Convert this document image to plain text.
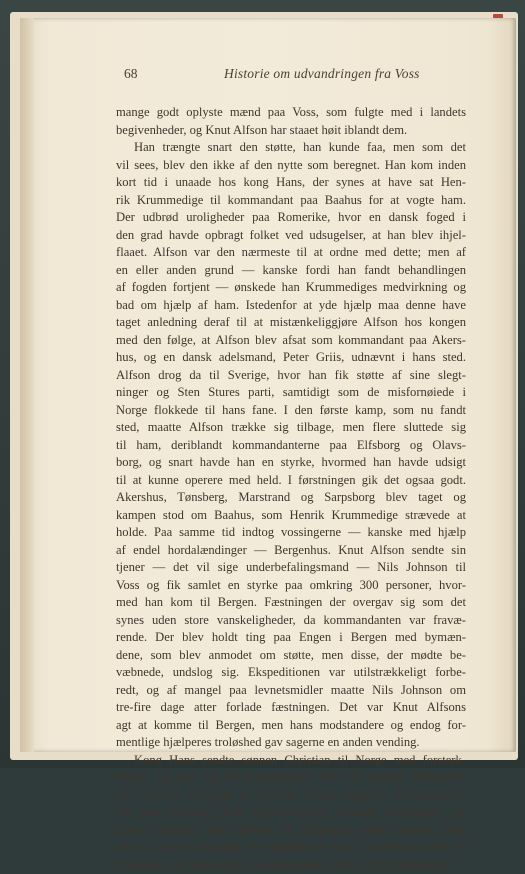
68	Historie om udvandringen fra Voss
mange godt oplyste mænd paa Voss, som fulgte med i landets
begivenheder, og Knut Alfson har staaet høit iblandt dem.
Han trængte snart den støtte, han kunde faa, men som det
vil sees, blev den ikke af den nytte som beregnet. Han kom inden
kort tid i unaade hos kong Hans, der synes at have sat Hen-
rik Krummedige til kommandant paa Baahus for at vogte ham.
Der udbrød uroligheder paa Romerike, hvor en dansk foged i
den grad havde opbragt folket ved udsugelser, at han blev ihjel-
flaaet. Alfson var den nærmeste til at ordne med dette; men af
en eller anden grund — kanske fordi han fandt behandlingen
af fogden fortjent — ønskede han Krummediges medvirkning og
bad om hjælp af ham. Istedenfor at yde hjælp maa denne have
taget anledning deraf til at mistænkeliggjøre Alfson hos kongen
med den følge, at Alfson blev afsat som kommandant paa Akers-
hus, og en dansk adelsmand, Peter Griis, udnævnt i hans sted.
Alfson drog da til Sverige, hvor han fik støtte af sine slegt-
ninger og Sten Stures parti, samtidigt som de misfornøiede i
Norge flokkede til hans fane. I den første kamp, som nu fandt
sted, maatte Alfson trække sig tilbage, men flere sluttede sig
til ham, deriblandt kommandanterne paa Elfsborg og Olavs-
borg, og snart havde han en styrke, hvormed han havde udsigt
til at kunne operere med held. I førstningen gik det ogsaa godt.
Akershus, Tønsberg, Marstrand og Sarpsborg blev taget og
kampen stod om Baahus, som Henrik Krummedige strævede at
holde. Paa samme tid indtog vossingerne — kanske med hjælp
af endel hordalændinger — Bergenhus. Knut Alfson sendte sin
tjener — det vil sige underbefalingsmand — Nils Johnson til
Voss og fik samlet en styrke paa omkring 300 personer, hvor-
med han kom til Bergen. Fæstningen der overgav sig som det
synes uden store vanskeligheder, da kommandanten var fravæ-
rende. Der blev holdt ting paa Engen i Bergen med bymæn-
dene, som blev anmodet om støtte, men disse, der mødte be-
væbnede, undslog sig. Ekspeditionen var utilstrækkeligt forbe-
redt, og af mangel paa levnetsmidler maatte Nils Johnson om
tre-fire dage atter forlade fæstningen. Det var Knut Alfsons
agt at komme til Bergen, men hans modstandere og endog for-
mentlige hjælperes troløshed gav sagerne en anden vending.
Kong Hans sendte sønnen Christian til Norge med forsterk-
ninger, og han tog da kommandoen over de danske stridskræf-
ter. Alfsons beleiring af Baahus maatte opgives. Kommandan-
ten paa Elfsborg, Erik Gyldenstjerne, overgav fæstningen, og
prins Christian, som derved fik stillingen under kontrol, drog
efter at have foretaget en ekspedition ind i Värmland atter til
Danmark, idet han overgav kommandoen til Henrik Krummedige.
